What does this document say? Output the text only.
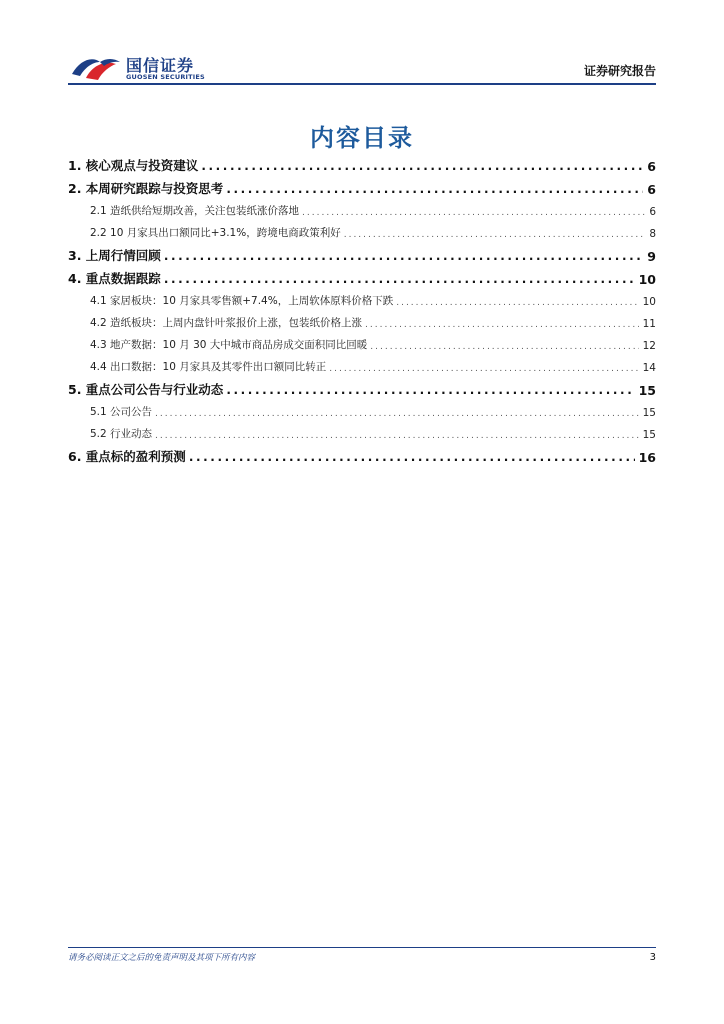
国信证券
GUOSEN SECURITIES	证券研究报告
内容目录
1. 核心观点与投资建议 .....	6
2. 本周研究跟踪与投资思考 .....	6
2.1 造纸供给短期改善，关注包装纸涨价落地 .....	6
2.2 10 月家具出口额同比+3.1%，跨境电商政策利好 .....	8
3. 上周行情回顾 .....	9
4. 重点数据跟踪 .....	10
4.1 家居板块：10 月家具零售额+7.4%，上周软体原料价格下跌 .....	10
4.2 造纸板块：上周内盘针叶浆报价上涨，包装纸价格上涨 .....	11
4.3 地产数据：10 月 30 大中城市商品房成交面积同比回暖 .....	12
4.4 出口数据：10 月家具及其零件出口额同比转正 .....	14
5. 重点公司公告与行业动态 .....	15
5.1 公司公告 .....	15
5.2 行业动态 .....	15
6. 重点标的盈利预测 .....	16
请务必阅读正文之后的免责声明及其项下所有内容	3
